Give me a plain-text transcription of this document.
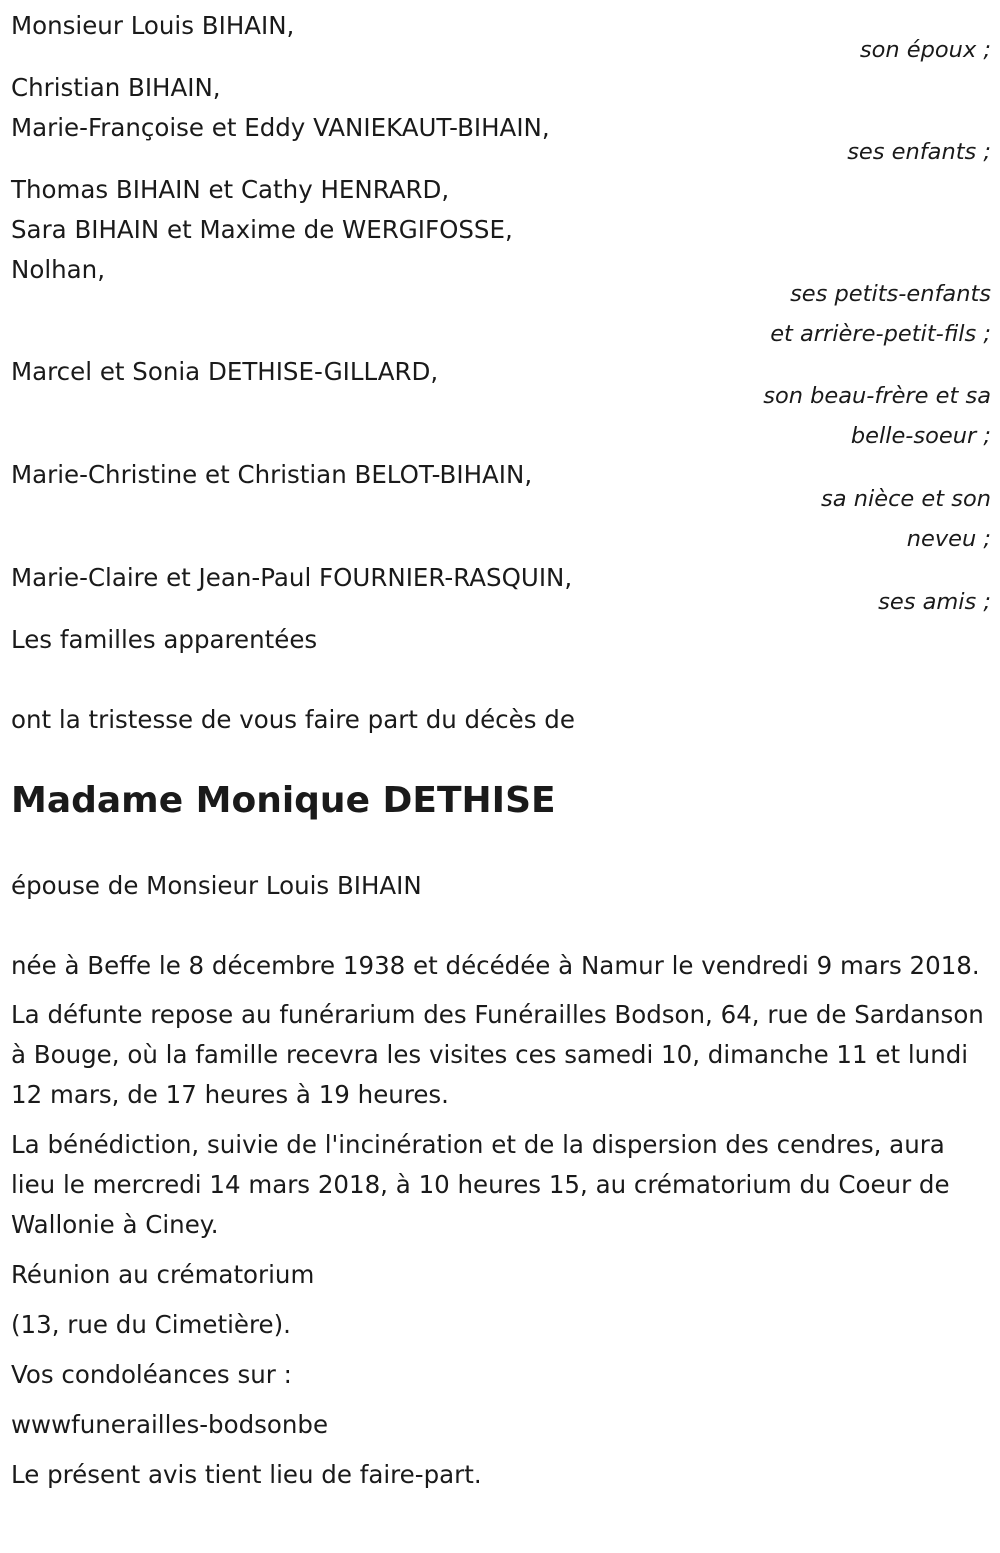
Monsieur Louis BIHAIN,
son époux ;
Christian BIHAIN,
Marie-Françoise et Eddy VANIEKAUT-BIHAIN,
ses enfants ;
Thomas BIHAIN et Cathy HENRARD,
Sara BIHAIN et Maxime de WERGIFOSSE,
Nolhan,
ses petits-enfants
et arrière-petit-fils ;
Marcel et Sonia DETHISE-GILLARD,
son beau-frère et sa
belle-soeur ;
Marie-Christine et Christian BELOT-BIHAIN,
sa nièce et son
neveu ;
Marie-Claire et Jean-Paul FOURNIER-RASQUIN,
ses amis ;
Les familles apparentées
ont la tristesse de vous faire part du décès de
Madame Monique DETHISE
épouse de Monsieur Louis BIHAIN

née à Beffe le 8 décembre 1938 et décédée à Namur le vendredi 9 mars 2018.

La défunte repose au funérarium des Funérailles Bodson, 64, rue de Sardanson à Bouge, où la famille recevra les visites ces samedi 10, dimanche 11 et lundi 12 mars, de 17 heures à 19 heures.

La bénédiction, suivie de l'incinération et de la dispersion des cendres, aura lieu le mercredi 14 mars 2018, à 10 heures 15, au crématorium du Coeur de Wallonie à Ciney.

Réunion au crématorium

(13, rue du Cimetière).

Vos condoléances sur :

wwwfunerailles-bodsonbe

Le présent avis tient lieu de faire-part.
